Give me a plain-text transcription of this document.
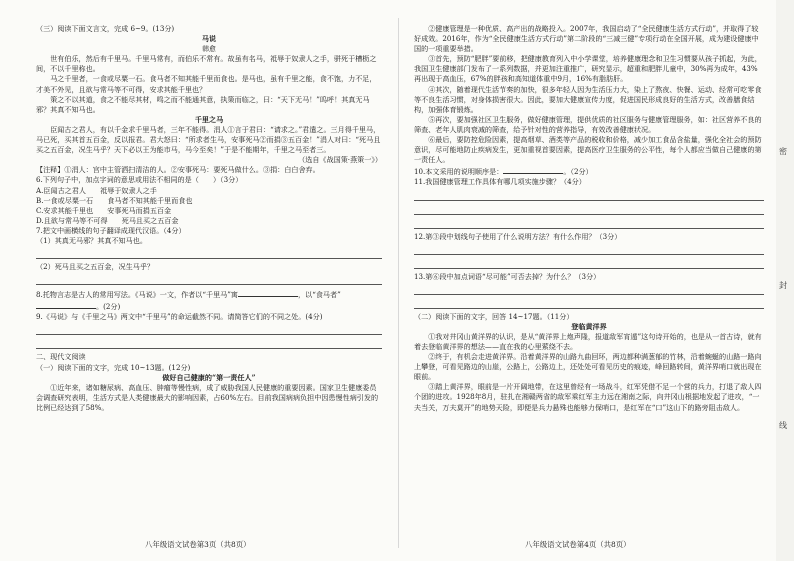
（三）阅读下面文言文，完成 6~9。(13分)

马说

韩愈

世有伯乐，然后有千里马。千里马常有，而伯乐不常有。故虽有名马，祗辱于奴隶人之手，骈死于槽枥之间，不以千里称也。

马之千里者，一食或尽粟一石。食马者不知其能千里而食也。是马也，虽有千里之能，食不饱，力不足，才美不外见，且欲与常马等不可得，安求其能千里也？

策之不以其道，食之不能尽其材，鸣之而不能通其意，执策而临之，曰：“天下无马！”呜呼！其真无马邪？其真不知马也。

千里之马

臣闻古之君人，有以千金求千里马者，三年不能得。涓人①言于君曰：“请求之。”君遣之。三月得千里马，马已死，买其首五百金，反以报君。君大怒曰：“所求者生马，安事死马②而捐③五百金！”涓人对曰：“死马且买之五百金，况生马乎？天下必以王为能市马，马今至矣！”于是不能期年，千里之马至者三。

（选自《战国策·燕策一》）

【注释】①涓人：宫中主管洒扫清洁的人。②安事死马：要死马做什么。③捐：白白舍弃。

6.下列句子中，加点字词的意思或用法不相同的是（　　）（3分）

A.臣闻古之君人　　祗辱于奴隶人之手

B.一食或尽粟一石　　食马者不知其能千里而食也

C.安求其能千里也　　安事死马而捐五百金

D.且欲与常马等不可得　　死马且买之五百金

7.把文中画横线的句子翻译成现代汉语。（4分）

（1）其真无马邪？其真不知马也。

（2）死马且买之五百金，况生马乎？

8.托物言志是古人的常用写法。《马说》一文，作者以“千里马”寓	，以“食马者”。(2分)

9.《马说》与《千里之马》两文中“千里马”的命运截然不同。请简答它们的不同之处。(4分)

二、现代文阅读

（一）阅读下面的文字，完成 10~13题。(12分)

做好自己健康的“第一责任人”

①近年来，诸如糖尿病、高血压、肿瘤等慢性病，成了威胁我国人民健康的重要因素。国家卫生健康委员会调查研究表明，生活方式是人类健康最大的影响因素，占60%左右。目前我国病病负担中因患慢性病引发的比例已经达到了58%。

八年级语文试卷第3页（共8页）

②健康管理是一种优质、高产出的战略投入。2007年，我国启动了“全民健康生活方式行动”，并取得了较好成效。2016年，作为“全民健康生活方式行动”第二阶段的“三减三健”专项行动在全国开展，成为建设健康中国的一项重要举措。

③首先，预防“肥胖”要前移，把健康教育列入中小学课堂，培养健康理念和卫生习惯要从孩子抓起，为此，我国卫生健康部门发布了一系列数据，并更加注重推广，研究显示，超重和肥胖儿童中，30%再为成年，43%再出现于高血压，67%的胖孩和高知道体重中9月，16%有脂肪肝。

④其次，随着现代生活节奏的加快，很多年轻人因为生活压力大，染上了熬夜、快餐、运动、经常可吃零食等不良生活习惯，对身体损害很大。因此，要加大健康宣传力度，促进国民形成良好的生活方式，改善膳食结构，加强体育锻炼。

⑤再次，要加强社区卫生服务，做好健康管理，提供优质的社区服务与健康管理服务，如：社区营养不良的筛查、老年人肌肉衰减的筛查，给予针对性的营养指导，有效改善健康状况。

⑥最后，要防控危险因素，提高烟草、酒类等产品的税收和价格，减少加工食品含盐量，强化全社会的预防意识，尽可能地防止疾病发生，更加重视首要因素，提高医疗卫生服务的公平性，每个人都应当做自己健康的第一责任人。

10.本文采用的说明顺序是：	。（2分）

11.我国健康管理工作具体有哪几项实施步骤？（4分）

12.第③段中划线句子使用了什么说明方法？有什么作用？（3分）

13.第⑥段中加点词语“尽可能”可否去掉？为什么？（3分）

（二）阅读下面的文字，回答 14~17题。（11分）

登临黄洋界

①我对井冈山黄洋界的认识，是从“黄洋界上炮声隆，报道敌军宵遁”这句诗开始的，也是从一首古诗，就有着去登临黄洋界的想法——直在我的心里萦绕不去。

②终于，有机会走进黄洋界。沿着黄洋界的山路九曲回环，两边都种满葱郁的竹林，沿着蜿蜒的山路一路向上攀登，可看见路边的山崖，公路上，公路边上，还处处可看见历史的痕迹，峰回路转间，黄洋界哨口就出现在眼前。

③踏上黄洋界，眼前是一片开阔地带，在这里曾经有一场战斗，红军凭借不足一个营的兵力，打退了敌人四个团的进攻。1928年8月，驻扎在湘赣两省的敌军乘红军主力远在湘南之际，向井冈山根据地发起了进攻，“一夫当关，万夫莫开”的地势天险，即便是兵力悬殊也能够力保哨口，是红军在“口”这山下的路旁阻击敌人。

八年级语文试卷第4页（共8页）
密
封
线
